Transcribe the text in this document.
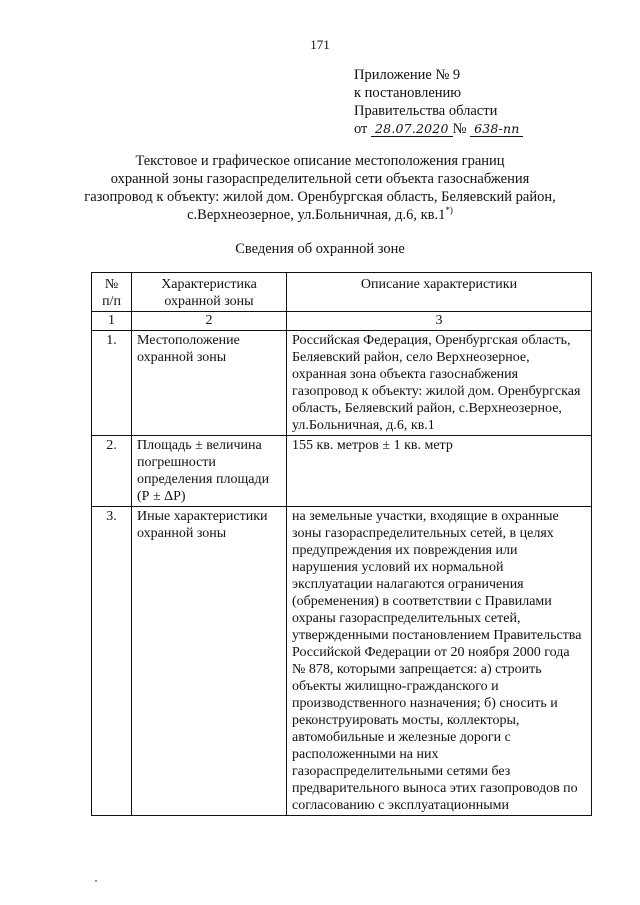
171
Приложение № 9
к постановлению
Правительства области
от 28.07.2020 № 638-пп
Текстовое и графическое описание местоположения границ
охранной зоны газораспределительной сети объекта газоснабжения
газопровод к объекту: жилой дом. Оренбургская область, Беляевский район,
с.Верхнеозерное, ул.Больничная, д.6, кв.1*)
Сведения об охранной зоне
№ п/п	Характеристика охранной зоны	Описание характеристики
1	2	3
1.	Местоположение охранной зоны	Российская Федерация, Оренбургская область, Беляевский район, село Верхнеозерное, охранная зона объекта газоснабжения газопровод к объекту: жилой дом. Оренбургская область, Беляевский район, с.Верхнеозерное, ул.Больничная, д.6, кв.1
2.	Площадь ± величина погрешности определения площади (Р ± ΔР)	155 кв. метров ± 1 кв. метр
3.	Иные характеристики охранной зоны	на земельные участки, входящие в охранные зоны газораспределительных сетей, в целях предупреждения их повреждения или нарушения условий их нормальной эксплуатации налагаются ограничения (обременения) в соответствии с Правилами охраны газораспределительных сетей, утвержденными постановлением Правительства Российской Федерации от 20 ноября 2000 года № 878, которыми запрещается: а) строить объекты жилищно-гражданского и производственного назначения; б) сносить и реконструировать мосты, коллекторы, автомобильные и железные дороги с расположенными на них газораспределительными сетями без предварительного выноса этих газопроводов по согласованию с эксплуатационными
